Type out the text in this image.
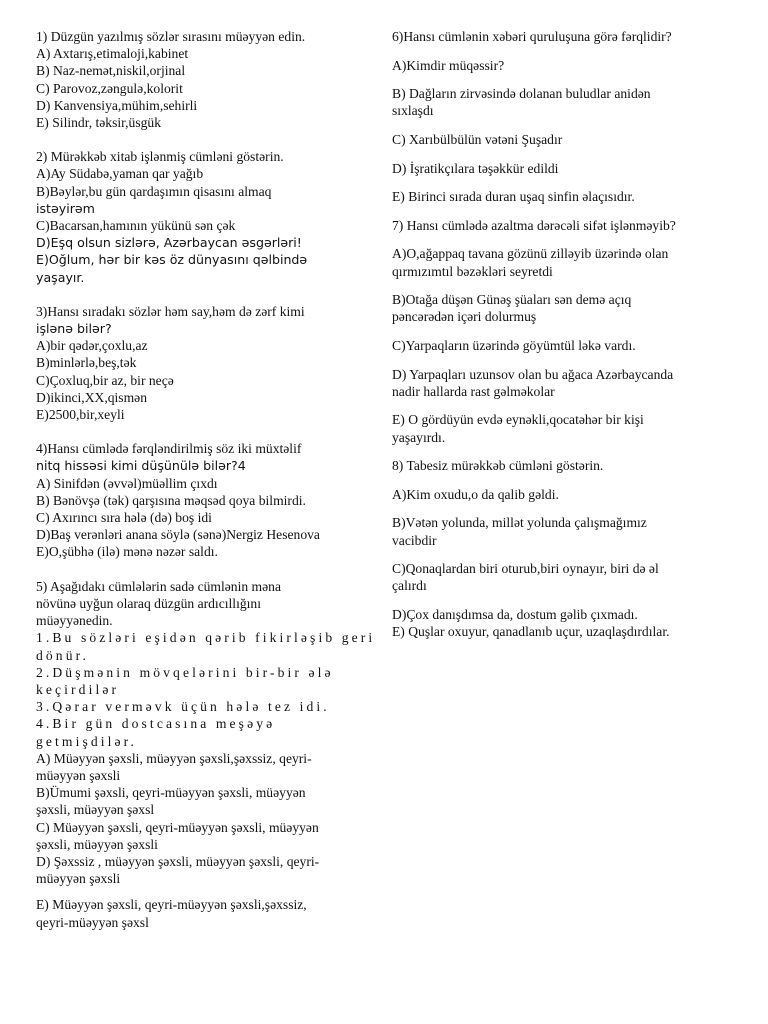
1) Düzgün yazılmış sözlər sırasını müəyyən edin.
A) Axtarış,etimaloji,kabinet
B) Naz-nemət,niskil,orjinal
C) Parovoz,zəngulə,kolorit
D) Kanvensiya,mühim,sehirli
E) Silindr, təksir,üsgük
2) Mürəkkəb xitab işlənmiş cümləni göstərin.
A)Ay Südabə,yaman qar yağıb
B)Bəylər,bu gün qardaşımın qisasını almaq
istəyirəm
C)Bacarsan,hamının yükünü sən çək
D)Eşq olsun sizlərə, Azərbaycan əsgərləri!
E)Oğlum, hər bir kəs öz dünyasını qəlbində
yaşayır.
3)Hansı sıradakı sözlər həm say,həm də zərf kimi
işlənə bilər?
A)bir qədər,çoxlu,az
B)minlərlə,beş,tək
C)Çoxluq,bir az, bir neçə
D)ikinci,XX,qismən
E)2500,bir,xeyli
4)Hansı cümlədə fərqləndirilmiş söz iki müxtəlif
nitq hissəsi kimi düşünülə bilər?4
A) Sinifdən (əvvəl)müəllim çıxdı
B) Bənövşə (tək) qarşısına məqsəd qoya bilmirdi.
C) Axırıncı sıra hələ (də) boş idi
D)Baş verənləri anana söylə (sənə)Nergiz Hesenova
E)O,şübhə (ilə) mənə nəzər saldı.
5) Aşağıdakı cümlələrin sadə cümlənin məna
növünə uyğun olaraq düzgün ardıcıllığını
müəyyənedin.
1.Bu sözləri eşidən qərib fikirləşib geri
dönür.
2.Düşmənin mövqelərini bir-bir ələ
keçirdilər
3.Qərar verməvk üçün hələ tez idi.
4.Bir gün dostcasına meşəyə
getmişdilər.
A) Müəyyən şəxsli, müəyyən şəxsli,şəxssiz, qeyri-
müəyyən şəxsli
B)Ümumi şəxsli, qeyri-müəyyən şəxsli, müəyyən
şəxsli, müəyyən şəxsl
C) Müəyyən şəxsli, qeyri-müəyyən şəxsli, müəyyən
şəxsli, müəyyən şəxsli
D) Şəxssiz , müəyyən şəxsli, müəyyən şəxsli, qeyri-
müəyyən şəxsli
E) Müəyyən şəxsli, qeyri-müəyyən şəxsli,şəxssiz,
qeyri-müəyyən şəxsl
6)Hansı cümlənin xəbəri quruluşuna görə fərqlidir?
A)Kimdir müqəssir?
B) Dağların zirvəsində dolanan buludlar anidən
sıxlaşdı
C) Xarıbülbülün vətəni Şuşadır
D) İşratikçılara təşəkkür edildi
E) Birinci sırada duran uşaq sinfin əlaçısıdır.
7) Hansı cümlədə azaltma dərəcəli sifət işlənməyib?
A)O,ağappaq tavana gözünü zilləyib üzərində olan
qırmızımtıl bəzəkləri seyretdi
B)Otağa düşən Günəş şüaları sən demə açıq
pəncərədən içəri dolurmuş
C)Yarpaqların üzərində göyümtül ləkə vardı.
D) Yarpaqları uzunsov olan bu ağaca Azərbaycanda
nadir hallarda rast gəlməkolar
E) O gördüyün evdə eynəkli,qocatəhər bir kişi
yaşayırdı.
8) Tabesiz mürəkkəb cümləni göstərin.
A)Kim oxudu,o da qalib gəldi.
B)Vətən yolunda, millət yolunda çalışmağımız
vacibdir
C)Qonaqlardan biri oturub,biri oynayır, biri də əl
çalırdı
D)Çox danışdımsa da, dostum gəlib çıxmadı.
E) Quşlar oxuyur, qanadlanıb uçur, uzaqlaşdırdılar.
